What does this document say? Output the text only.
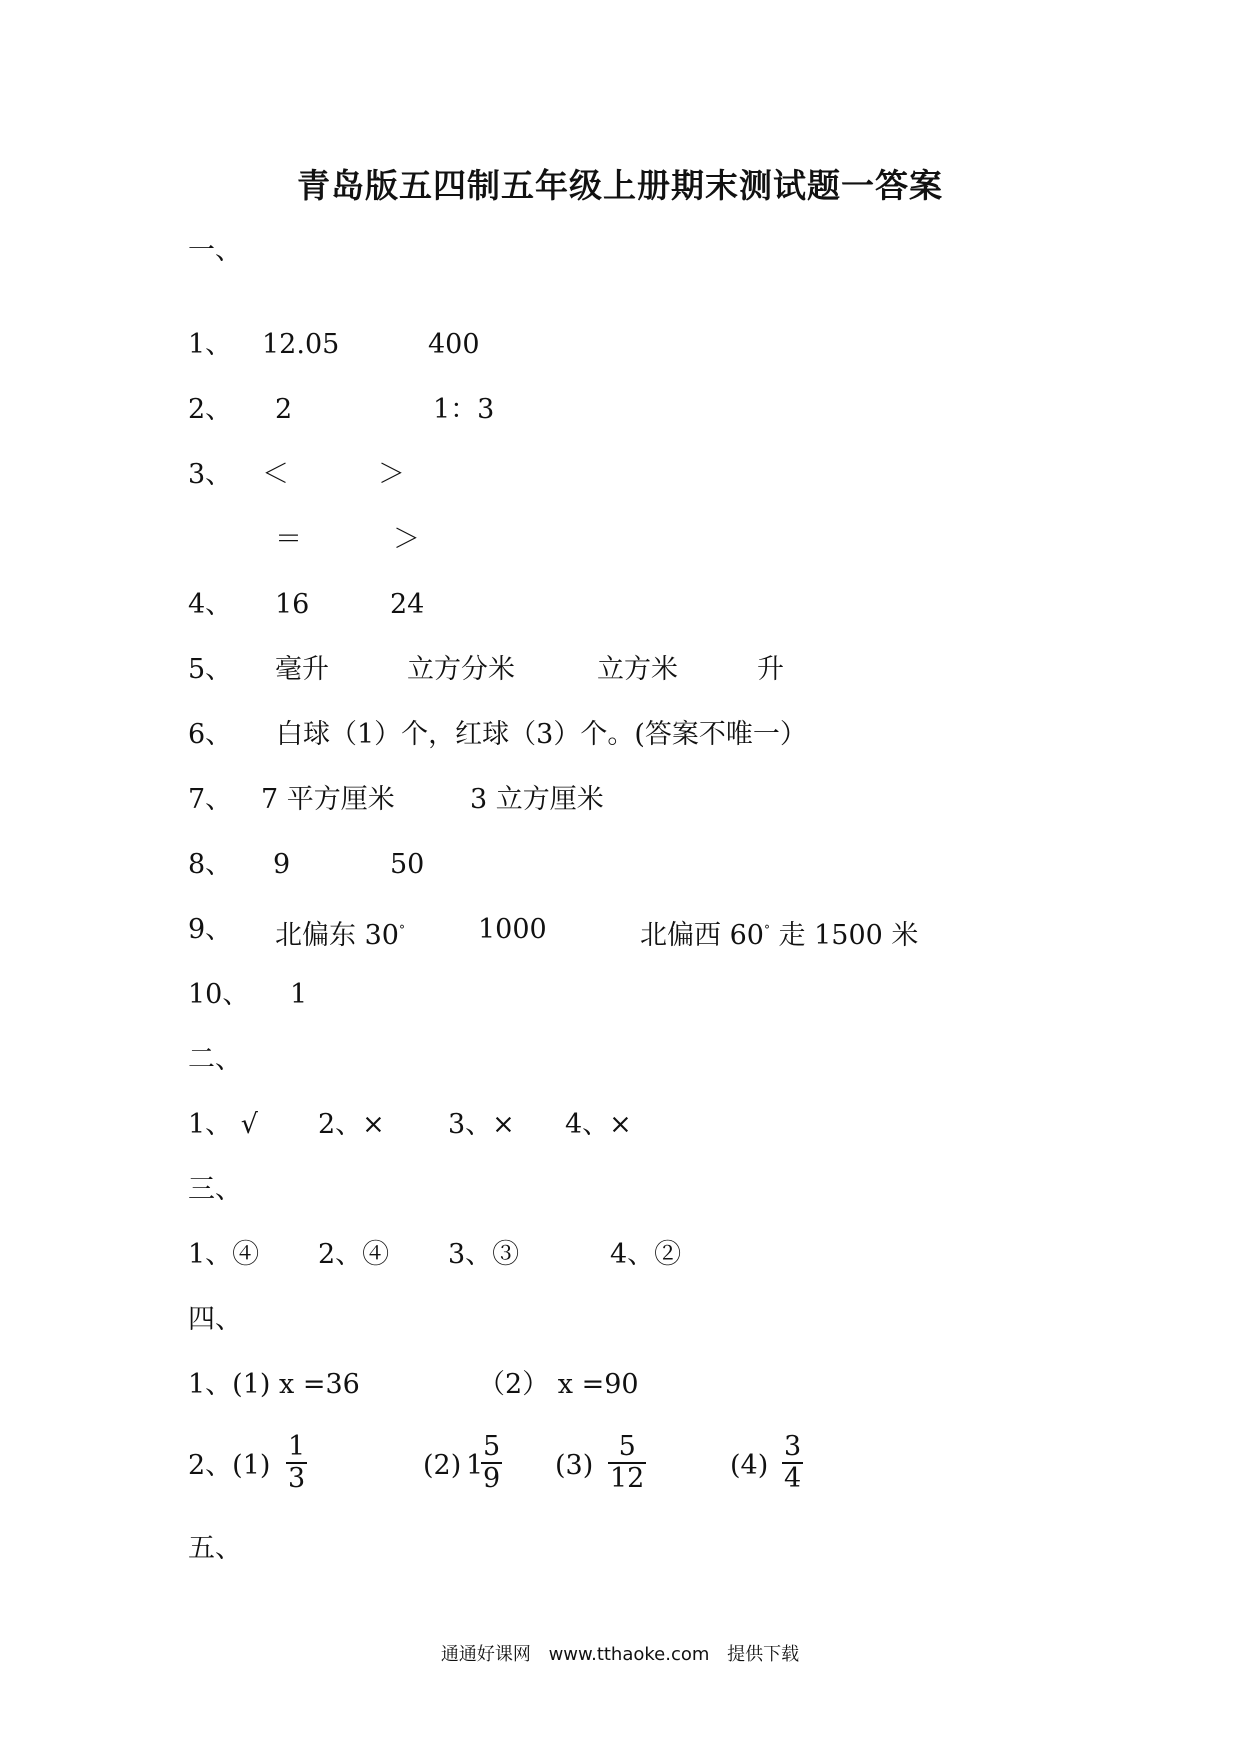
青岛版五四制五年级上册期末测试题一答案
一、
1、 12.05	400
2、 2	1：3
3、 ＜	＞
＝	＞
4、 16	24
5、 毫升	立方分米	立方米	升
6、 白球（1）个，红球（3）个。(答案不唯一）
7、 7 平方厘米	3 立方厘米
8、 9	50
9、 北偏东 30°	1000	北偏西 60° 走 1500 米
10、 1
二、
1、 √ 2、× 3、× 4、×
三、
1、④ 2、④ 3、③	4、②
四、
1、(1) x =36	（2） x =90
2、$(1) \frac{1}{3}$	(2) 1
$\frac{5}{9} (3) \frac{5}{12}$	$(4) \frac{3}{4}$
五、
通通好课网 www.tthaoke.com 提供下载
